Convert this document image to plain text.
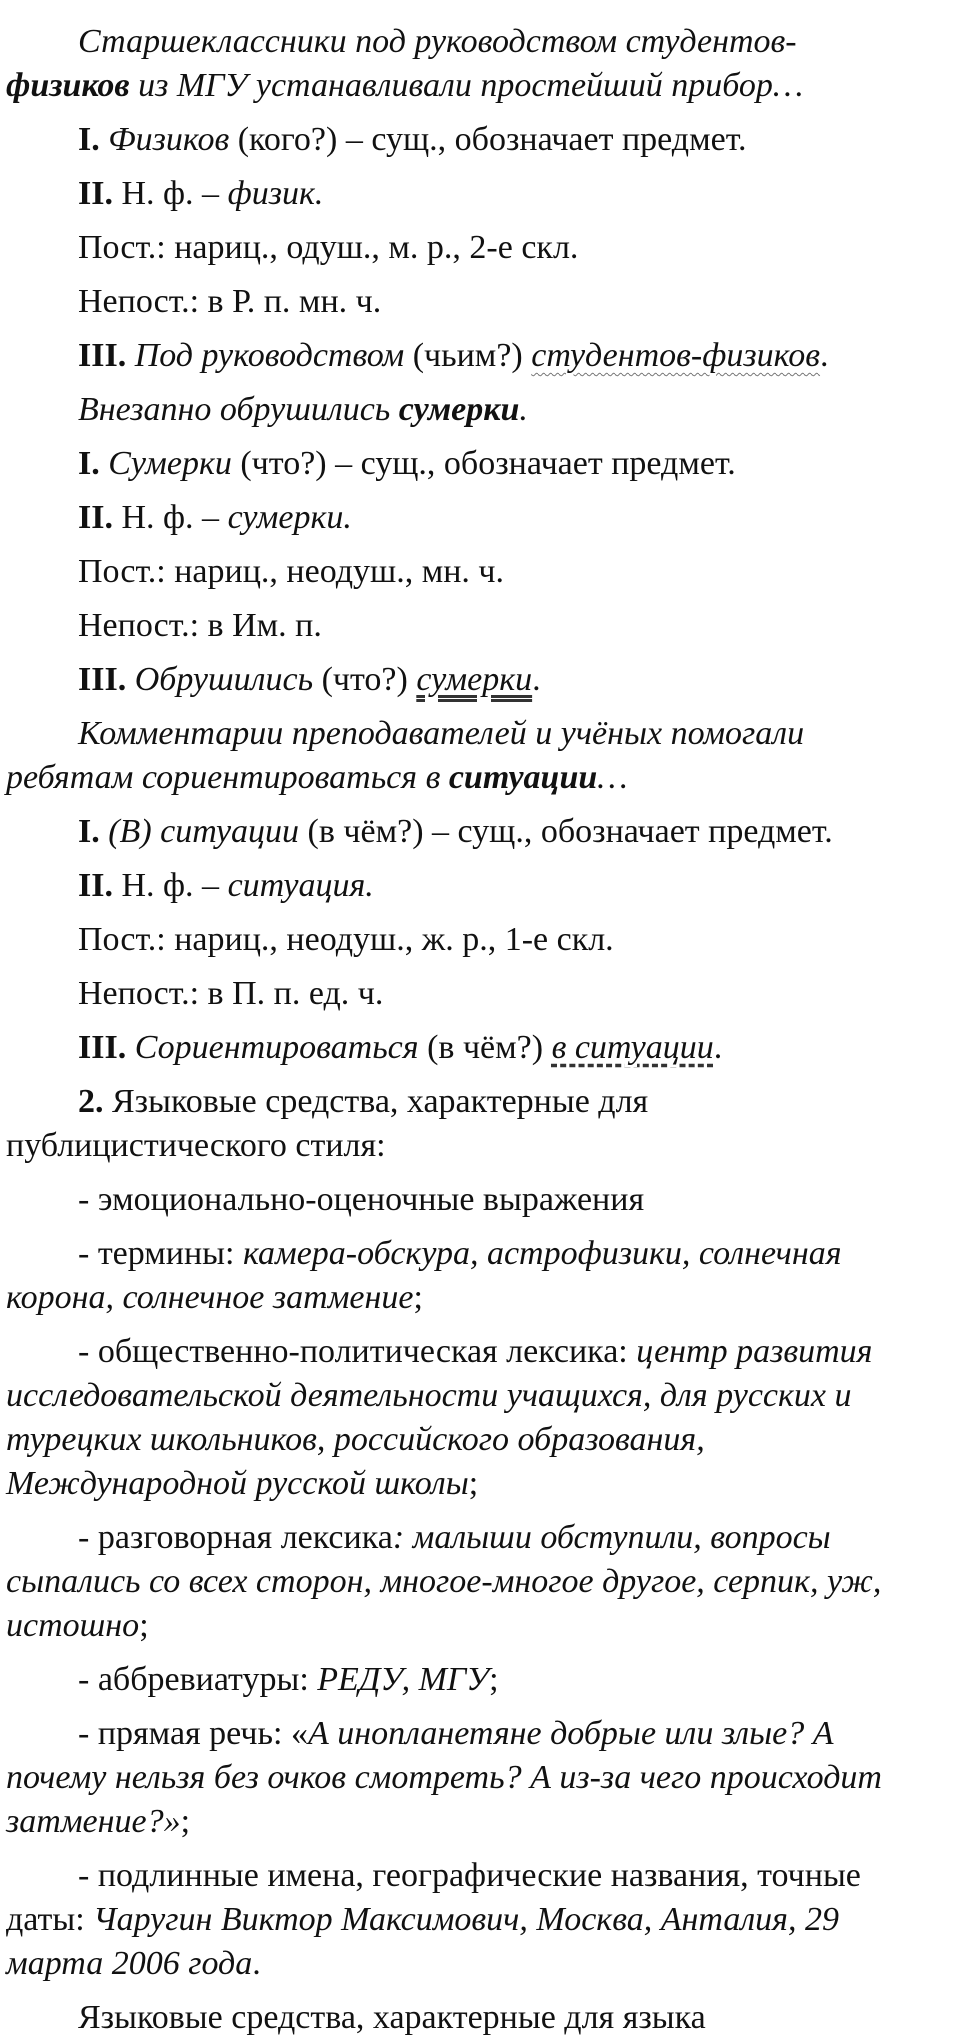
Старшеклассники под руководством студентов-
физиков из МГУ устанавливали простейший прибор…

I. Физиков (кого?) – сущ., обозначает предмет.

II. Н. ф. – физик.

Пост.: нариц., одуш., м. р., 2-е скл.

Непост.: в Р. п. мн. ч.

III. Под руководством (чьим?) студентов-физиков.

Внезапно обрушились сумерки.

I. Сумерки (что?) – сущ., обозначает предмет.

II. Н. ф. – сумерки.

Пост.: нариц., неодуш., мн. ч.

Непост.: в Им. п.

III. Обрушились (что?) сумерки.

Комментарии преподавателей и учёных помогали
ребятам сориентироваться в ситуации…

I. (В) ситуации (в чём?) – сущ., обозначает предмет.

II. Н. ф. – ситуация.

Пост.: нариц., неодуш., ж. р., 1-е скл.

Непост.: в П. п. ед. ч.

III. Сориентироваться (в чём?) в ситуации.

2. Языковые средства, характерные для
публицистического стиля:

- эмоционально-оценочные выражения

- термины: камера-обскура, астрофизики, солнечная
корона, солнечное затмение;

- общественно-политическая лексика: центр развития
исследовательской деятельности учащихся, для русских и
турецких школьников, российского образования,
Международной русской школы;

- разговорная лексика: малыши обступили, вопросы
сыпались со всех сторон, многое-многое другое, серпик, уж,
истошно;

- аббревиатуры: РЕДУ, МГУ;

- прямая речь: «А инопланетяне добрые или злые? А
почему нельзя без очков смотреть? А из-за чего происходит
затмение?»;

- подлинные имена, географические названия, точные
даты: Чаругин Виктор Максимович, Москва, Анталия, 29
марта 2006 года.

Языковые средства, характерные для языка
